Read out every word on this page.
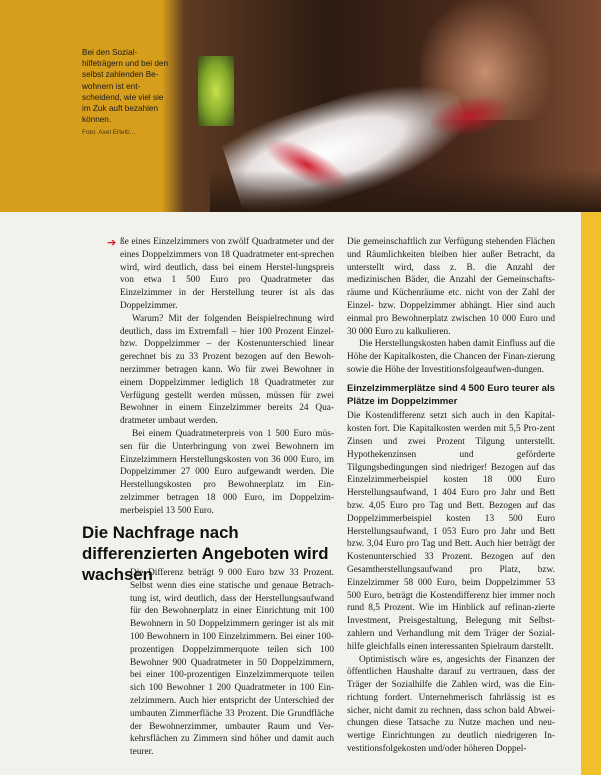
Bei den Sozial-hilfeträgern und bei den selbst zahlenden Be-wohnern ist ent-scheidend, wie viel sie im Zuk auft bezahlen können.
Foto: Axel Ertelt/...
➔ ße eines Einzelzimmers von zwölf Quadratmeter und der eines Doppelzimmers von 18 Quadratmeter ent-sprechen wird, wird deutlich, dass bei einem Herstel-lungspreis von etwa 1 500 Euro pro Quadratmeter das Einzelzimmer in der Herstellung teurer ist als das Doppelzimmer.

Warum? Mit der folgenden Beispielrechnung wird deutlich, dass im Extremfall – hier 100 Prozent Einzel- bzw. Doppelzimmer – der Kostenunterschied linear gerechnet bis zu 33 Prozent bezogen auf den Bewoh-nerzimmer betragen kann. Wo für zwei Bewohner in einem Doppelzimmer lediglich 18 Quadratmeter zur Verfügung gestellt werden müssen, müssen für zwei Bewohner in einem Einzelzimmer bereits 24 Qua-dratmeter umbaut werden.

Bei einem Quadratmeterpreis von 1 500 Euro müs-sen für die Unterbringung von zwei Bewohnern im Einzelzimmern Herstellungskosten von 36 000 Euro, im Doppelzimmer 27 000 Euro aufgewandt werden. Die Herstellungskosten pro Bewohnerplatz im Ein-zelzimmer betragen 18 000 Euro, im Doppelzim-merbeispiel 13 500 Euro.

Die Nachfrage nach differenzierten Angeboten wird wachsen

Die Differenz beträgt 9 000 Euro bzw 33 Prozent. Selbst wenn dies eine statische und genaue Betrach-tung ist, wird deutlich, dass der Herstellungsaufwand für den Bewohnerplatz in einer Einrichtung mit 100 Bewohnern in 50 Doppelzimmern geringer ist als mit 100 Bewohnern in 100 Einzelzimmern. Bei einer 100-prozentigen Doppelzimmerquote teilen sich 100 Bewohner 900 Quadratmeter in 50 Doppelzimmern, bei einer 100-prozentigen Einzelzimmerquote teilen sich 100 Bewohner 1 200 Quadratmeter in 100 Ein-zelzimmern. Auch hier entspricht der Unterschied der umbauten Zimmerfläche 33 Prozent. Die Grundfläche der Bewohnerzimmer, umbauter Raum und Ver-kehrsflächen zu Zimmern sind höher und damit auch teurer.

Die gemeinschaftlich zur Verfügung stehenden Flächen und Räumlichkeiten bleiben hier außer Betracht, da unterstellt wird, dass z. B. die Anzahl der medizinischen Bäder, die Anzahl der Gemeinschafts-räume und Küchenräume etc. nicht von der Zahl der Einzel- bzw. Doppelzimmer abhängt. Hier sind auch einmal pro Bewohnerplatz zwischen 10 000 Euro und 30 000 Euro zu kalkulieren.

Die Herstellungskosten haben damit Einfluss auf die Höhe der Kapitalkosten, die Chancen der Finan-zierung sowie die Höhe der Investitionsfolgeaufwen-dungen.

Einzelzimmerplätze sind 4 500 Euro teurer als Plätze im Doppelzimmer

Die Kostendifferenz setzt sich auch in den Kapital-kosten fort. Die Kapitalkosten werden mit 5,5 Pro-zent Zinsen und zwei Prozent Tilgung unterstellt. Hypothekenzinsen und geförderte Tilgungsbedingungen sind niedriger! Bezogen auf das Einzelzimmerbeispiel kosten 18 000 Euro Herstellungsaufwand, 1 404 Euro pro Jahr und Bett bzw. 4,05 Euro pro Tag und Bett. Bezogen auf das Doppelzimmerbeispiel kosten 13 500 Euro Herstellungsaufwand, 1 053 Euro pro Jahr und Bett bzw. 3,04 Euro pro Tag und Bett. Auch hier beträgt der Kostenunterschied 33 Prozent. Bezogen auf den Gesamtherstellungsaufwand pro Platz, bzw. Einzelzimmer 58 000 Euro, beim Doppelzimmer 53 500 Euro, beträgt die Kostendifferenz hier immer noch rund 8,5 Prozent. Wie im Hinblick auf refinan-zierte Investment, Preisgestaltung, Belegung mit Selbst-zahlern und Verhandlung mit dem Träger der Sozial-hilfe gleichfalls einen interessanten Spielraum darstellt.

Optimistisch wäre es, angesichts der Finanzen der öffentlichen Haushalte darauf zu vertrauen, dass der Träger der Sozialhilfe die Zahlen wird, was die Ein-richtung fordert. Unternehmerisch fahrlässig ist es sicher, nicht damit zu rechnen, dass schon bald Abwei-chungen diese Tatsache zu Nutze machen und neu-wertige Einrichtungen zu deutlich niedrigeren In-vestitionsfolgekosten und/oder höheren Doppel-
